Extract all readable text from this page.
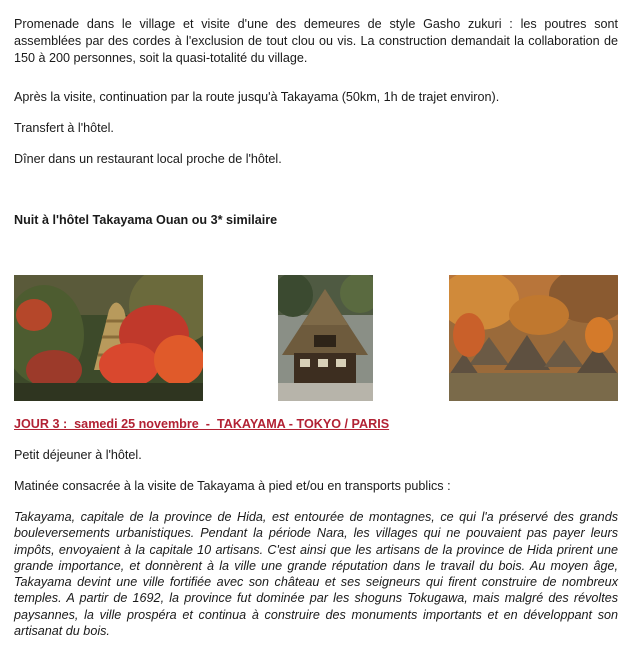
Promenade dans le village et visite d'une des demeures de style Gasho zukuri : les poutres sont assemblées par des cordes à l'exclusion de tout clou ou vis. La construction demandait la collaboration de 150 à 200 personnes, soit la quasi-totalité du village.

Après la visite, continuation par la route jusqu'à Takayama (50km, 1h de trajet environ).

Transfert à l'hôtel.

Dîner dans un restaurant local proche de l'hôtel.

Nuit à l'hôtel Takayama Ouan ou 3* similaire

JOUR 3 :  samedi 25 novembre  -  TAKAYAMA - TOKYO / PARIS

Petit déjeuner à l'hôtel.

Matinée consacrée à la visite de Takayama à pied et/ou en transports publics :

Takayama, capitale de la province de Hida, est entourée de montagnes, ce qui l'a préservé des grands bouleversements urbanistiques. Pendant la période Nara, les villages qui ne pouvaient pas payer leurs impôts, envoyaient à la capitale 10 artisans. C'est ainsi que les artisans de la province de Hida prirent une grande importance, et donnèrent à la ville une grande réputation dans le travail du bois. Au moyen âge, Takayama devint une ville fortifiée avec son château et ses seigneurs qui firent construire de nombreux temples. A partir de 1692, la province fut dominée par les shoguns Tokugawa, mais malgré des révoltes paysannes, la ville prospéra et continua à construire des monuments importants et en développant son artisanat du bois.
